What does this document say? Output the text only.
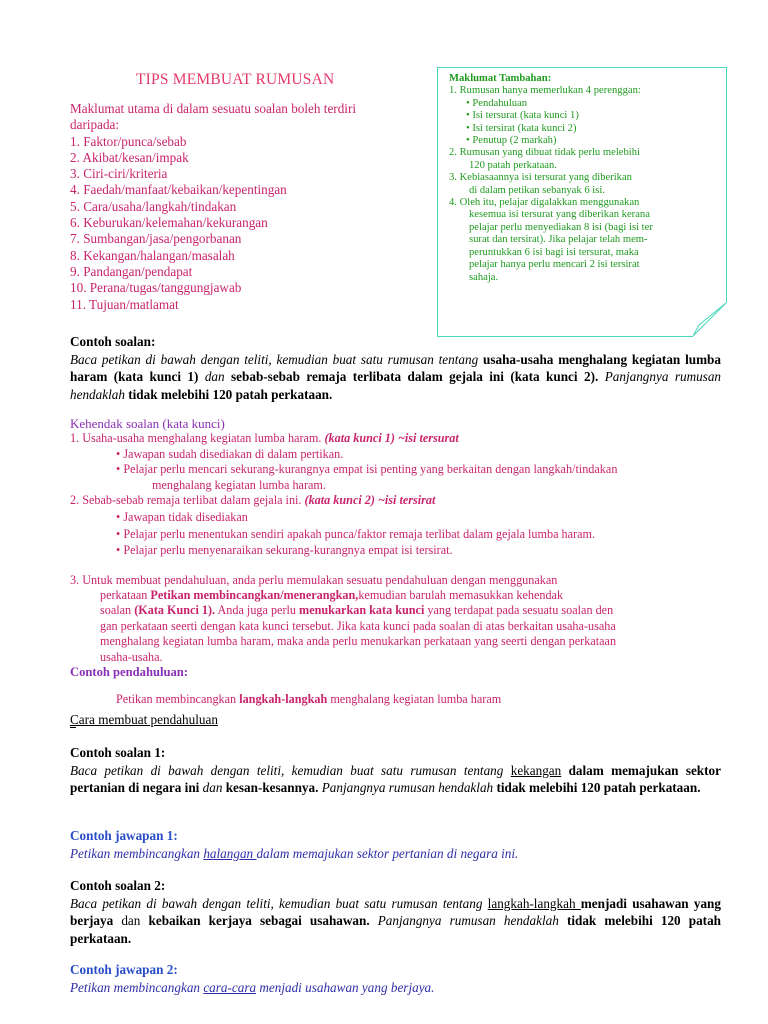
TIPS MEMBUAT RUMUSAN
Maklumat utama di dalam sesuatu soalan boleh terdiri
daripada:
1. Faktor/punca/sebab
2. Akibat/kesan/impak
3. Ciri-ciri/kriteria
4. Faedah/manfaat/kebaikan/kepentingan
5. Cara/usaha/langkah/tindakan
6. Keburukan/kelemahan/kekurangan
7. Sumbangan/jasa/pengorbanan
8. Kekangan/halangan/masalah
9. Pandangan/pendapat
10. Perana/tugas/tanggungjawab
11. Tujuan/matlamat
Maklumat Tambahan:
1. Rumusan hanya memerlukan 4 perenggan:
• Pendahuluan
• Isi tersurat (kata kunci 1)
• Isi tersirat (kata kunci 2)
• Penutup (2 markah)
2. Rumusan yang dibuat tidak perlu melebihi
120 patah perkataan.
3. Kebiasaannya isi tersurat yang diberikan
di dalam petikan sebanyak 6 isi.
4. Oleh itu, pelajar digalakkan menggunakan
kesemua isi tersurat yang diberikan kerana
pelajar perlu menyediakan 8 isi (bagi isi ter
surat dan tersirat). Jika pelajar telah mem-
peruntukkan 6 isi bagi isi tersurat, maka
pelajar hanya perlu mencari 2 isi tersirat
sahaja.
Contoh soalan:
Baca petikan di bawah dengan teliti, kemudian buat satu rumusan tentang usaha-usaha menghalang kegiatan lumba haram (kata kunci 1) dan sebab-sebab remaja terlibata dalam gejala ini (kata kunci 2). Panjangnya rumusan hendaklah tidak melebihi 120 patah perkataan.
Kehendak soalan (kata kunci)
1. Usaha-usaha menghalang kegiatan lumba haram. (kata kunci 1) ~isi tersurat
• Jawapan sudah disediakan di dalam pertikan.
• Pelajar perlu mencari sekurang-kurangnya empat isi penting yang berkaitan dengan langkah/tindakan
menghalang kegiatan lumba haram.
2. Sebab-sebab remaja terlibat dalam gejala ini. (kata kunci 2) ~isi tersirat
• Jawapan tidak disediakan
• Pelajar perlu menentukan sendiri apakah punca/faktor remaja terlibat dalam gejala lumba haram.
• Pelajar perlu menyenaraikan sekurang-kurangnya empat isi tersirat.
3. Untuk membuat pendahuluan, anda perlu memulakan sesuatu pendahuluan dengan menggunakan
perkataan Petikan membincangkan/menerangkan,kemudian barulah memasukkan kehendak
soalan (Kata Kunci 1). Anda juga perlu menukarkan kata kunci yang terdapat pada sesuatu soalan den
gan perkataan seerti dengan kata kunci tersebut. Jika kata kunci pada soalan di atas berkaitan usaha-usaha
menghalang kegiatan lumba haram, maka anda perlu menukarkan perkataan yang seerti dengan perkataan
usaha-usaha.
Contoh pendahuluan:
Petikan membincangkan langkah-langkah menghalang kegiatan lumba haram
Cara membuat pendahuluan
Contoh soalan 1:
Baca petikan di bawah dengan teliti, kemudian buat satu rumusan tentang kekangan dalam memajukan sektor pertanian di negara ini dan kesan-kesannya. Panjangnya rumusan hendaklah tidak melebihi 120 patah perkataan.
Contoh jawapan 1:
Petikan membincangkan halangan dalam memajukan sektor pertanian di negara ini.
Contoh soalan 2:
Baca petikan di bawah dengan teliti, kemudian buat satu rumusan tentang langkah-langkah menjadi usahawan yang berjaya dan kebaikan kerjaya sebagai usahawan. Panjangnya rumusan hendaklah tidak melebihi 120 patah perkataan.
Contoh jawapan 2:
Petikan membincangkan cara-cara menjadi usahawan yang berjaya.
